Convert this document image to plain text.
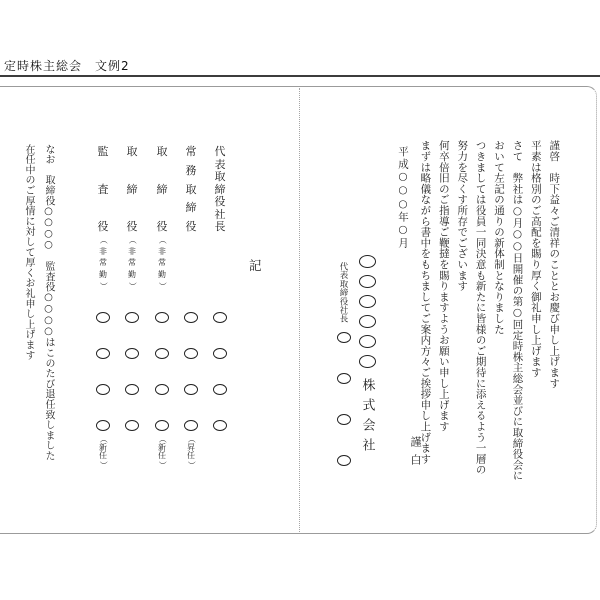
定時株主総会　文例2
謹啓　時下益々ご清祥のこととお慶び申し上げます
平素は格別のご高配を賜り厚く御礼申し上げます
さて　弊社は○月○○日開催の第○回定時株主総会並びに取締役会に
おいて左記の通りの新体制となりました
つきましては役員一同決意も新たに皆様のご期待に添えるよう一層の
努力を尽くす所存でございます
何卒倍旧のご指導ご鞭撻を賜りますようお願い申し上げます
まずは略儀ながら書中をもちましてご案内方々ご挨拶申し上げます
謹白
平成○○○年○月
株式会社
代表取締役社長
記
代
表
取
締
役
社
長
常
務
取
締
役
（
昇
任
）
取
締
役
（
非
常
勤
）
（
新
任
）
取
締
役
（
非
常
勤
）
監
査
役
（
非
常
勤
）
（
新
任
）
なお　取締役○○○○　監査役○○○○はこのたび退任致しました
在任中のご厚情に対して厚くお礼申し上げます
